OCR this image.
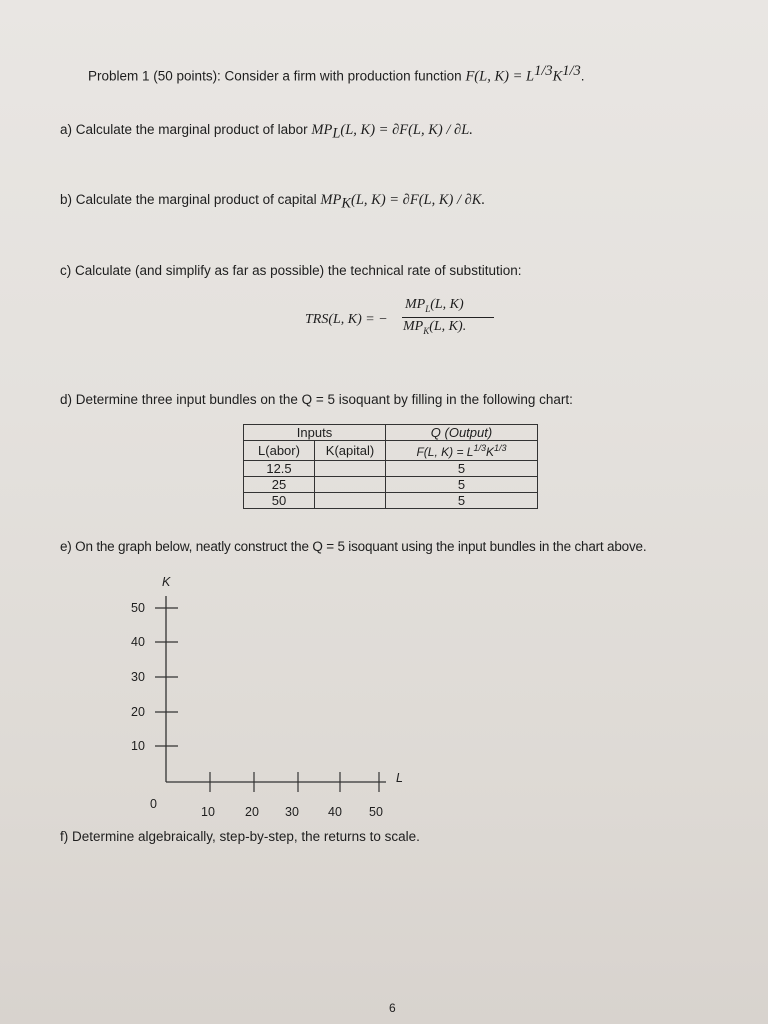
Problem 1 (50 points): Consider a firm with production function F(L, $K) = L^{1/3}K^{1/3}$.
a) Calculate the marginal product of labor $MP_L(L$, K) = ∂F(L, K) / ∂L.
b) Calculate the marginal product of capital $MP_K(L$, K) = ∂F(L, K) / ∂K.
c) Calculate (and simplify as far as possible) the technical rate of substitution:
TRS(L, K) = −
$MP_L(L$, K)
$MP_K(L$, K).
d) Determine three input bundles on the Q = 5 isoquant by filling in the following chart:
Inputs		Q (Output)
L(abor)	K(apital)	F(L, $K) = L^{1/3}K^{1/3}$
12.5		5
25		5
50		5
e) On the graph below, neatly construct the Q = 5 isoquant using the input bundles in the chart above.
K
L
0
50
40
30
20
10
10 20 30 40 50
f) Determine algebraically, step-by-step, the returns to scale.
6
